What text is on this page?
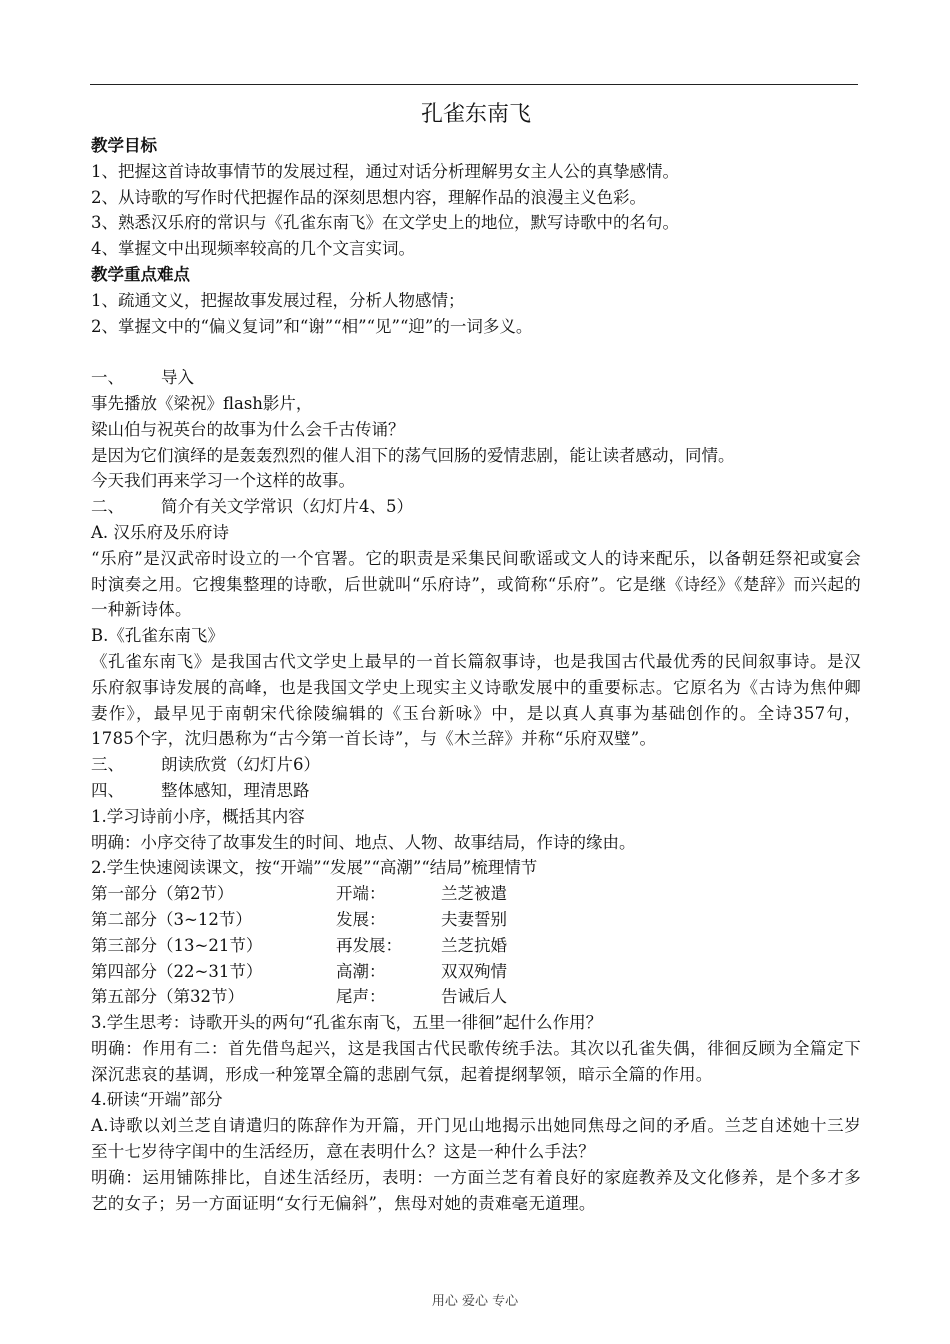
孔雀东南飞
教学目标
1、把握这首诗故事情节的发展过程，通过对话分析理解男女主人公的真挚感情。
2、从诗歌的写作时代把握作品的深刻思想内容，理解作品的浪漫主义色彩。
3、熟悉汉乐府的常识与《孔雀东南飞》在文学史上的地位，默写诗歌中的名句。
4、掌握文中出现频率较高的几个文言实词。
教学重点难点
1、疏通文义，把握故事发展过程，分析人物感情；
2、掌握文中的“偏义复词”和“谢”“相”“见”“迎”的一词多义。
一、 导入
事先播放《梁祝》flash影片，
梁山伯与祝英台的故事为什么会千古传诵？
是因为它们演绎的是轰轰烈烈的催人泪下的荡气回肠的爱情悲剧，能让读者感动，同情。
今天我们再来学习一个这样的故事。
二、 简介有关文学常识（幻灯片4、5）
A. 汉乐府及乐府诗
“乐府”是汉武帝时设立的一个官署。它的职责是采集民间歌谣或文人的诗来配乐，以备朝廷祭祀或宴会时演奏之用。它搜集整理的诗歌，后世就叫“乐府诗”，或简称“乐府”。它是继《诗经》《楚辞》而兴起的一种新诗体。
B.《孔雀东南飞》
《孔雀东南飞》是我国古代文学史上最早的一首长篇叙事诗，也是我国古代最优秀的民间叙事诗。是汉乐府叙事诗发展的高峰，也是我国文学史上现实主义诗歌发展中的重要标志。它原名为《古诗为焦仲卿妻作》，最早见于南朝宋代徐陵编辑的《玉台新咏》中，是以真人真事为基础创作的。全诗357句，1785个字，沈归愚称为“古今第一首长诗”，与《木兰辞》并称“乐府双璧”。
三、 朗读欣赏（幻灯片6）
四、 整体感知，理清思路
1.学习诗前小序，概括其内容
明确：小序交待了故事发生的时间、地点、人物、故事结局，作诗的缘由。
2.学生快速阅读课文，按“开端”“发展”“高潮”“结局”梳理情节
第一部分（第2节）	开端：	兰芝被遣
第二部分（3~12节）	发展：	夫妻誓别
第三部分（13~21节）	再发展：	兰芝抗婚
第四部分（22~31节）	高潮：	双双殉情
第五部分（第32节）	尾声：	告诫后人
3.学生思考：诗歌开头的两句“孔雀东南飞，五里一徘徊”起什么作用？
明确：作用有二：首先借鸟起兴，这是我国古代民歌传统手法。其次以孔雀失偶，徘徊反顾为全篇定下深沉悲哀的基调，形成一种笼罩全篇的悲剧气氛，起着提纲挈领，暗示全篇的作用。
4.研读“开端”部分
A.诗歌以刘兰芝自请遣归的陈辞作为开篇，开门见山地揭示出她同焦母之间的矛盾。兰芝自述她十三岁至十七岁待字闺中的生活经历，意在表明什么？这是一种什么手法？
明确：运用铺陈排比，自述生活经历，表明：一方面兰芝有着良好的家庭教养及文化修养，是个多才多艺的女子；另一方面证明“女行无偏斜”，焦母对她的责难毫无道理。
用心 爱心 专心
